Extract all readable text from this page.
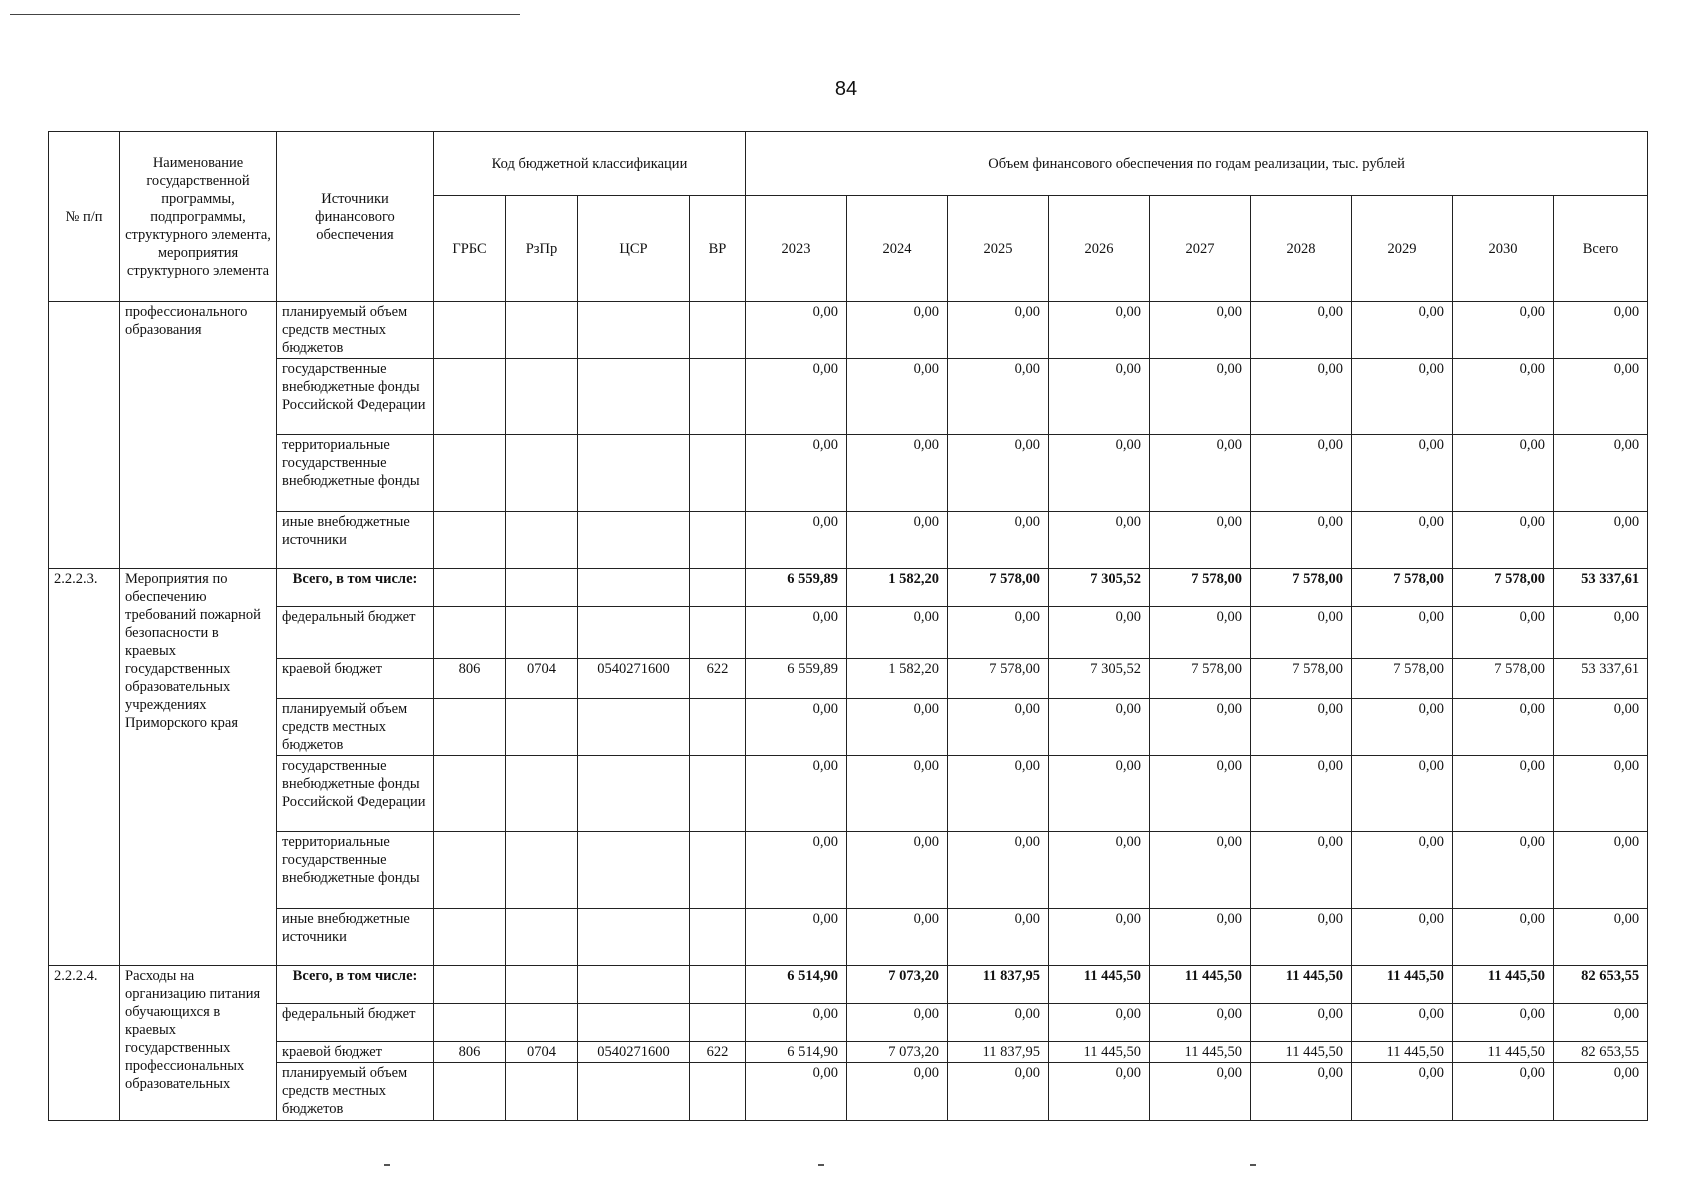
84
№ п/п	Наименование государственной программы, подпрограммы, структурного элемента, мероприятия структурного элемента	Источники финансового обеспечения	Код бюджетной классификации				Объем финансового обеспечения по годам реализации, тыс. рублей								
			ГРБС	РзПр	ЦСР	ВР	2023	2024	2025	2026	2027	2028	2029	2030	Всего
	профессионального образования	планируемый объем средств местных бюджетов					0,00	0,00	0,00	0,00	0,00	0,00	0,00	0,00	0,00
		государственные внебюджетные фонды Российской Федерации					0,00	0,00	0,00	0,00	0,00	0,00	0,00	0,00	0,00
		территориальные государственные внебюджетные фонды					0,00	0,00	0,00	0,00	0,00	0,00	0,00	0,00	0,00
		иные внебюджетные источники					0,00	0,00	0,00	0,00	0,00	0,00	0,00	0,00	0,00
2.2.2.3.	Мероприятия по обеспечению требований пожарной безопасности в краевых государственных образовательных учреждениях Приморского края	Всего, в том числе:					6 559,89	1 582,20	7 578,00	7 305,52	7 578,00	7 578,00	7 578,00	7 578,00	53 337,61
		федеральный бюджет					0,00	0,00	0,00	0,00	0,00	0,00	0,00	0,00	0,00
		краевой бюджет	806	0704	0540271600	622	6 559,89	1 582,20	7 578,00	7 305,52	7 578,00	7 578,00	7 578,00	7 578,00	53 337,61
		планируемый объем средств местных бюджетов					0,00	0,00	0,00	0,00	0,00	0,00	0,00	0,00	0,00
		государственные внебюджетные фонды Российской Федерации					0,00	0,00	0,00	0,00	0,00	0,00	0,00	0,00	0,00
		территориальные государственные внебюджетные фонды					0,00	0,00	0,00	0,00	0,00	0,00	0,00	0,00	0,00
		иные внебюджетные источники					0,00	0,00	0,00	0,00	0,00	0,00	0,00	0,00	0,00
2.2.2.4.	Расходы на организацию питания обучающихся в краевых государственных профессиональных образовательных	Всего, в том числе:					6 514,90	7 073,20	11 837,95	11 445,50	11 445,50	11 445,50	11 445,50	11 445,50	82 653,55
		федеральный бюджет					0,00	0,00	0,00	0,00	0,00	0,00	0,00	0,00	0,00
		краевой бюджет	806	0704	0540271600	622	6 514,90	7 073,20	11 837,95	11 445,50	11 445,50	11 445,50	11 445,50	11 445,50	82 653,55
		планируемый объем средств местных бюджетов					0,00	0,00	0,00	0,00	0,00	0,00	0,00	0,00	0,00
